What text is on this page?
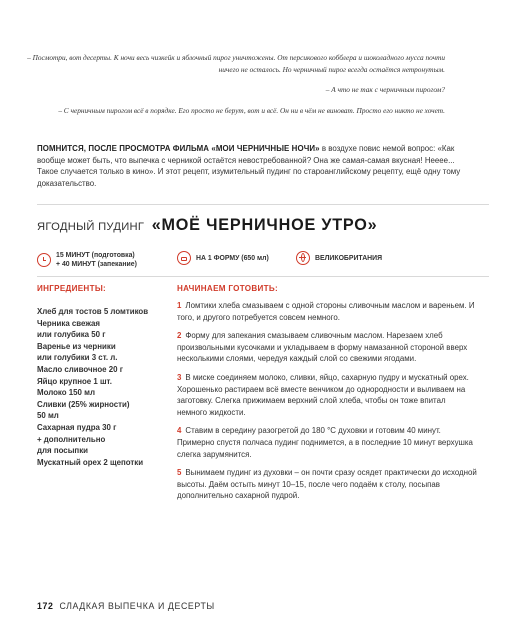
– Посмотри, вот десерты. К ночи весь чизкейк и яблочный пирог уничтожены. От персикового кобблера и шоколадного мусса почти ничего не осталось. Но черничный пирог всегда остаётся нетронутым.

– А что не так с черничным пирогом?

– С черничным пирогом всё в порядке. Его просто не берут, вот и всё. Он ни в чём не виноват. Просто его никто не хочет.

ПОМНИТСЯ, ПОСЛЕ ПРОСМОТРА ФИЛЬМА «МОИ ЧЕРНИЧНЫЕ НОЧИ» в воздухе повис немой вопрос: «Как вообще может быть, что выпечка с черникой остаётся невостребованной? Она же самая-самая вкусная! Нееее... Такое случается только в кино». И этот рецепт, изумительный пудинг по староанглийскому рецепту, ещё одну тому доказательство.
ЯГОДНЫЙ ПУДИНГ «МОЁ ЧЕРНИЧНОЕ УТРО»
15 МИНУТ (подготовка)
+ 40 МИНУТ (запекание)
НА 1 ФОРМУ (650 мл)	ВЕЛИКОБРИТАНИЯ
ИНГРЕДИЕНТЫ:	НАЧИНАЕМ ГОТОВИТЬ:
Хлеб для тостов 5 ломтиков
Черника свежая
или голубика 50 г
Варенье из черники
или голубики 3 ст. л.
Масло сливочное 20 г
Яйцо крупное 1 шт.
Молоко 150 мл
Сливки (25% жирности)
50 мл
Сахарная пудра 30 г
+ дополнительно
для посыпки
Мускатный орех 2 щепотки

1 Ломтики хлеба смазываем с одной стороны сливочным маслом и вареньем. И того, и другого потребуется совсем немного.

2 Форму для запекания смазываем сливочным маслом. Нарезаем хлеб произвольными кусочками и укладываем в форму намазанной стороной вверх несколькими слоями, чередуя каждый слой со свежими ягодами.

3 В миске соединяем молоко, сливки, яйцо, сахарную пудру и мускатный орех. Хорошенько растираем всё вместе венчиком до однородности и выливаем на заготовку. Слегка прижимаем верхний слой хлеба, чтобы он тоже впитал немного жидкости.

4 Ставим в середину разогретой до 180 °С духовки и готовим 40 минут. Примерно спустя полчаса пудинг поднимется, а в последние 10 минут верхушка слегка зарумянится.

5 Вынимаем пудинг из духовки – он почти сразу осядет практически до исходной высоты. Даём остыть минут 10–15, после чего подаём к столу, посыпав дополнительно сахарной пудрой.

172 СЛАДКАЯ ВЫПЕЧКА И ДЕСЕРТЫ
